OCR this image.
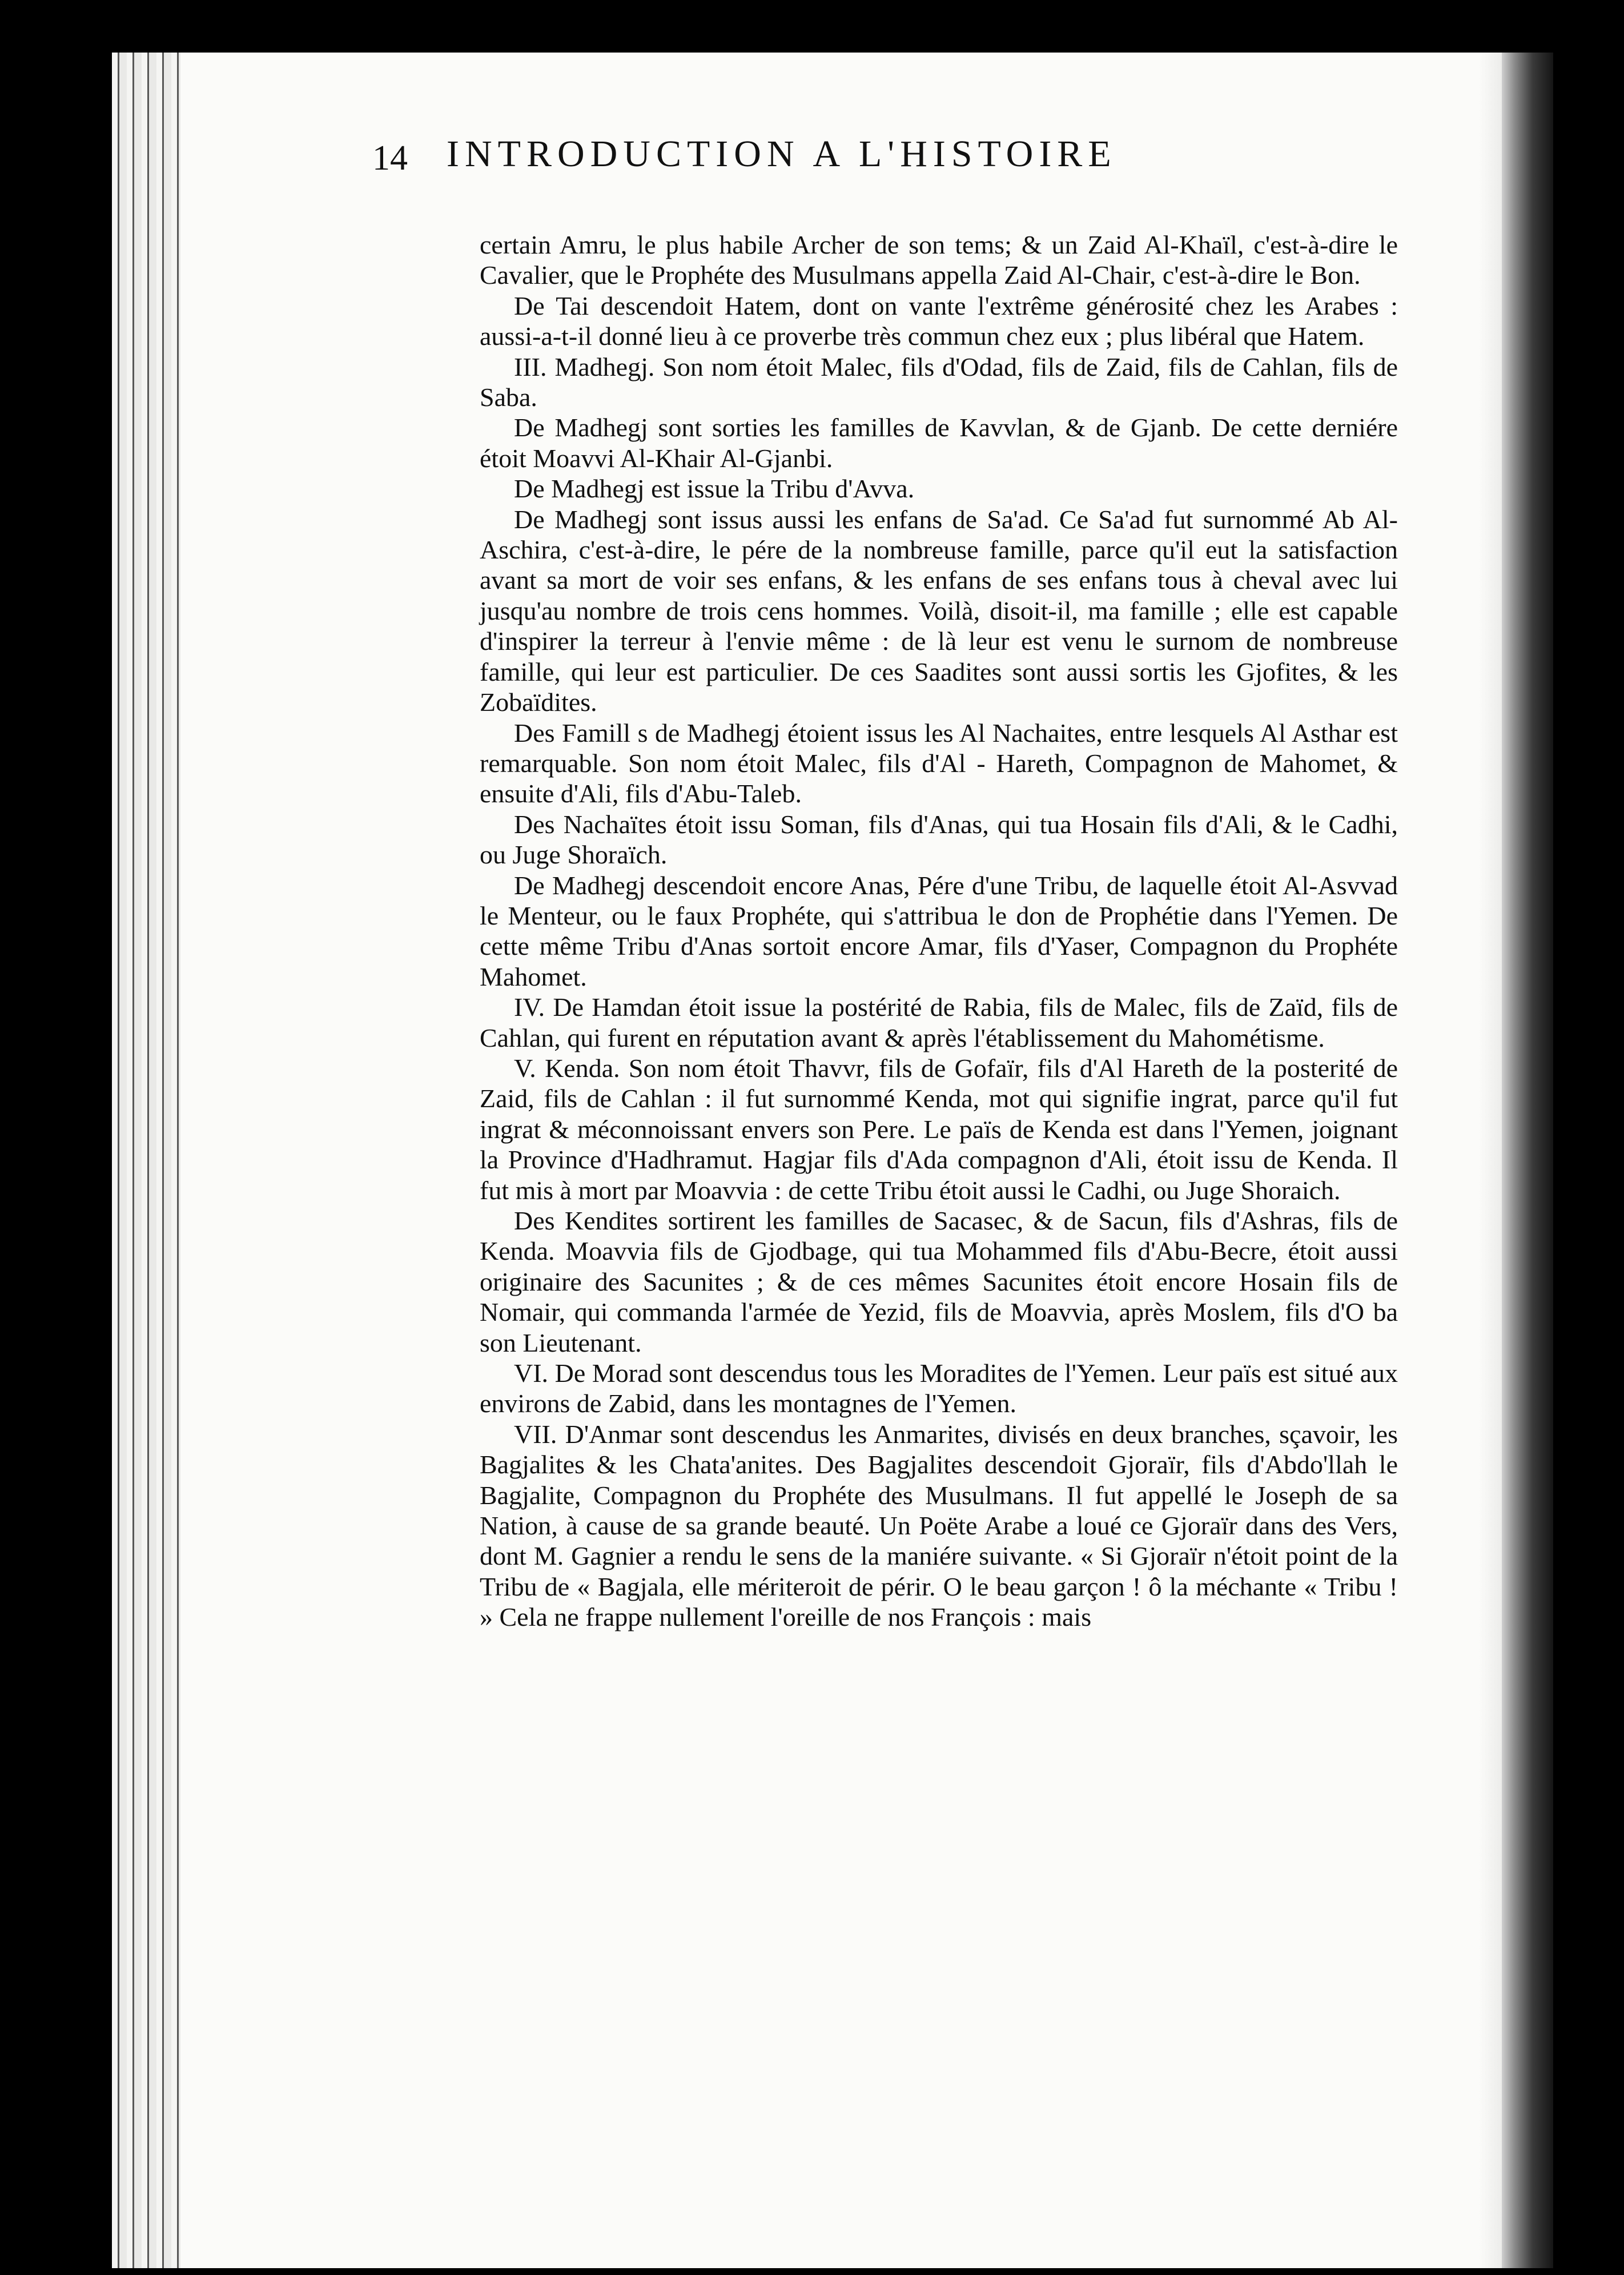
14 INTRODUCTION A L'HISTOIRE

certain Amru, le plus habile Archer de son tems; & un Zaid Al-Khaïl, c'est-à-dire le Cavalier, que le Prophéte des Musulmans appella Zaid Al-Chair, c'est-à-dire le Bon.

De Tai descendoit Hatem, dont on vante l'extrême générosité chez les Arabes : aussi-a-t-il donné lieu à ce proverbe très commun chez eux ; plus libéral que Hatem.

III. Madhegj. Son nom étoit Malec, fils d'Odad, fils de Zaid, fils de Cahlan, fils de Saba.

De Madhegj sont sorties les familles de Kavvlan, & de Gjanb. De cette derniére étoit Moavvi Al-Khair Al-Gjanbi.

De Madhegj est issue la Tribu d'Avva.

De Madhegj sont issus aussi les enfans de Sa'ad. Ce Sa'ad fut surnommé Ab Al-Aschira, c'est-à-dire, le pére de la nombreuse famille, parce qu'il eut la satisfaction avant sa mort de voir ses enfans, & les enfans de ses enfans tous à cheval avec lui jusqu'au nombre de trois cens hommes. Voilà, disoit-il, ma famille ; elle est capable d'inspirer la terreur à l'envie même : de là leur est venu le surnom de nombreuse famille, qui leur est particulier. De ces Saadites sont aussi sortis les Gjofites, & les Zobaïdites.

Des Famill s de Madhegj étoient issus les Al Nachaites, entre lesquels Al Asthar est remarquable. Son nom étoit Malec, fils d'Al - Hareth, Compagnon de Mahomet, & ensuite d'Ali, fils d'Abu-Taleb.

Des Nachaïtes étoit issu Soman, fils d'Anas, qui tua Hosain fils d'Ali, & le Cadhi, ou Juge Shoraïch.

De Madhegj descendoit encore Anas, Pére d'une Tribu, de laquelle étoit Al-Asvvad le Menteur, ou le faux Prophéte, qui s'attribua le don de Prophétie dans l'Yemen. De cette même Tribu d'Anas sortoit encore Amar, fils d'Yaser, Compagnon du Prophéte Mahomet.

IV. De Hamdan étoit issue la postérité de Rabia, fils de Malec, fils de Zaïd, fils de Cahlan, qui furent en réputation avant & après l'établissement du Mahométisme.

V. Kenda. Son nom étoit Thavvr, fils de Gofaïr, fils d'Al Hareth de la posterité de Zaid, fils de Cahlan : il fut surnommé Kenda, mot qui signifie ingrat, parce qu'il fut ingrat & méconnoissant envers son Pere. Le païs de Kenda est dans l'Yemen, joignant la Province d'Hadhramut. Hagjar fils d'Ada compagnon d'Ali, étoit issu de Kenda. Il fut mis à mort par Moavvia : de cette Tribu étoit aussi le Cadhi, ou Juge Shoraich.

Des Kendites sortirent les familles de Sacasec, & de Sacun, fils d'Ashras, fils de Kenda. Moavvia fils de Gjodbage, qui tua Mohammed fils d'Abu-Becre, étoit aussi originaire des Sacunites ; & de ces mêmes Sacunites étoit encore Hosain fils de Nomair, qui commanda l'armée de Yezid, fils de Moavvia, après Moslem, fils d'O ba son Lieutenant.

VI. De Morad sont descendus tous les Moradites de l'Yemen. Leur païs est situé aux environs de Zabid, dans les montagnes de l'Yemen.

VII. D'Anmar sont descendus les Anmarites, divisés en deux branches, sçavoir, les Bagjalites & les Chata'anites. Des Bagjalites descendoit Gjoraïr, fils d'Abdo'llah le Bagjalite, Compagnon du Prophéte des Musulmans. Il fut appellé le Joseph de sa Nation, à cause de sa grande beauté. Un Poëte Arabe a loué ce Gjoraïr dans des Vers, dont M. Gagnier a rendu le sens de la maniére suivante. « Si Gjoraïr n'étoit point de la Tribu de « Bagjala, elle mériteroit de périr. O le beau garçon ! ô la méchante « Tribu ! » Cela ne frappe nullement l'oreille de nos François : mais
